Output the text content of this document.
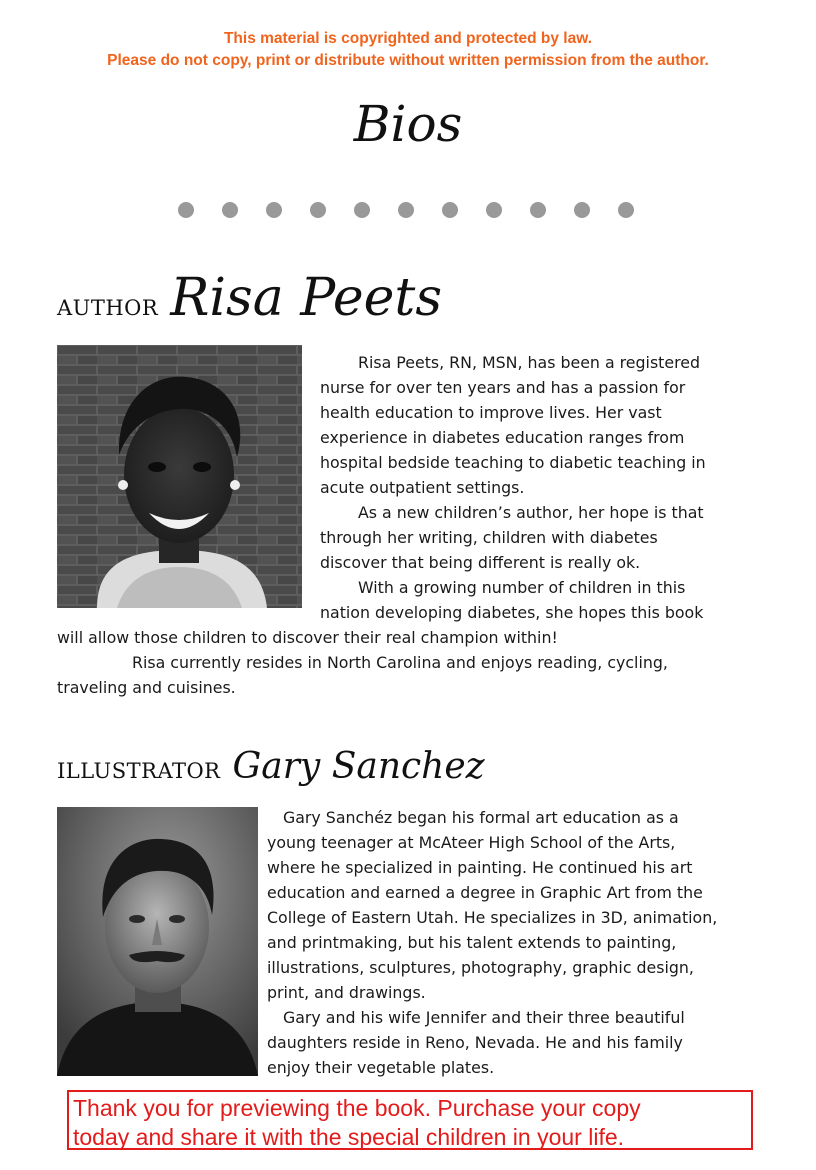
This material is copyrighted and protected by law.
Please do not copy, print or distribute without written permission from the author.
Bios
AUTHOR Risa Peets

Risa Peets, RN, MSN, has been a registered

nurse for over ten years and has a passion for

health education to improve lives. Her vast

experience in diabetes education ranges from

hospital bedside teaching to diabetic teaching in

acute outpatient settings.

As a new children’s author, her hope is that

through her writing, children with diabetes

discover that being different is really ok.

With a growing number of children in this

nation developing diabetes, she hopes this book

will allow those children to discover their real champion within!

Risa currently resides in North Carolina and enjoys reading, cycling,

traveling and cuisines.

ILLUSTRATOR Gary Sanchez

Gary Sanchéz began his formal art education as a

young teenager at McAteer High School of the Arts,

where he specialized in painting. He continued his art

education and earned a degree in Graphic Art from the

College of Eastern Utah. He specializes in 3D, animation,

and printmaking, but his talent extends to painting,

illustrations, sculptures, photography, graphic design,

print, and drawings.

Gary and his wife Jennifer and their three beautiful

daughters reside in Reno, Nevada. He and his family

enjoy their vegetable plates.

Thank you for previewing the book. Purchase your copy
today and share it with the special children in your life.
